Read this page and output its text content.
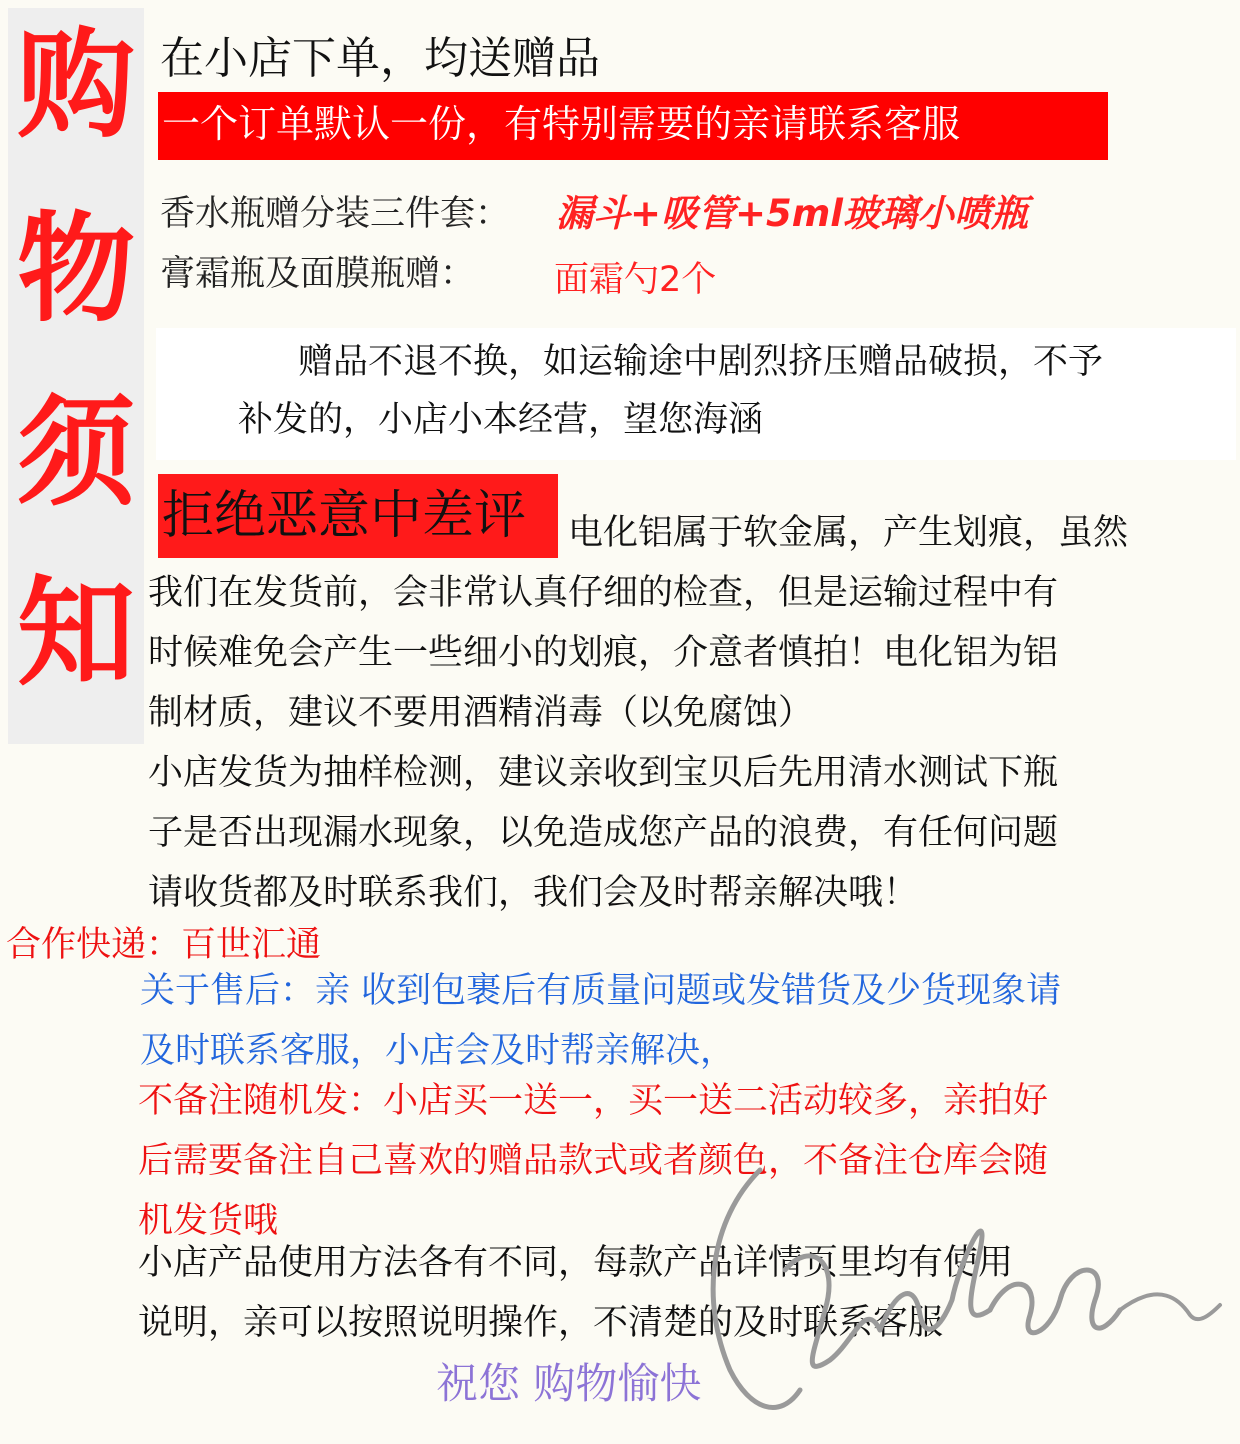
购
物
须
知
在小店下单，均送赠品
一个订单默认一份，有特别需要的亲请联系客服
香水瓶赠分装三件套： 漏斗+吸管+5ml玻璃小喷瓶
膏霜瓶及面膜瓶赠： 面霜勺2个
赠品不退不换，如运输途中剧烈挤压赠品破损，不予
补发的，小店小本经营，望您海涵
拒绝恶意中差评 电化铝属于软金属，产生划痕，虽然
我们在发货前，会非常认真仔细的检查，但是运输过程中有
时候难免会产生一些细小的划痕，介意者慎拍！电化铝为铝
制材质，建议不要用酒精消毒（以免腐蚀）
小店发货为抽样检测，建议亲收到宝贝后先用清水测试下瓶
子是否出现漏水现象，以免造成您产品的浪费，有任何问题
请收货都及时联系我们，我们会及时帮亲解决哦！
合作快递：百世汇通
关于售后：亲 收到包裹后有质量问题或发错货及少货现象请
及时联系客服，小店会及时帮亲解决，
不备注随机发：小店买一送一，买一送二活动较多，亲拍好
后需要备注自己喜欢的赠品款式或者颜色，不备注仓库会随
机发货哦
小店产品使用方法各有不同，每款产品详情页里均有使用
说明，亲可以按照说明操作，不清楚的及时联系客服
祝您 购物愉快
